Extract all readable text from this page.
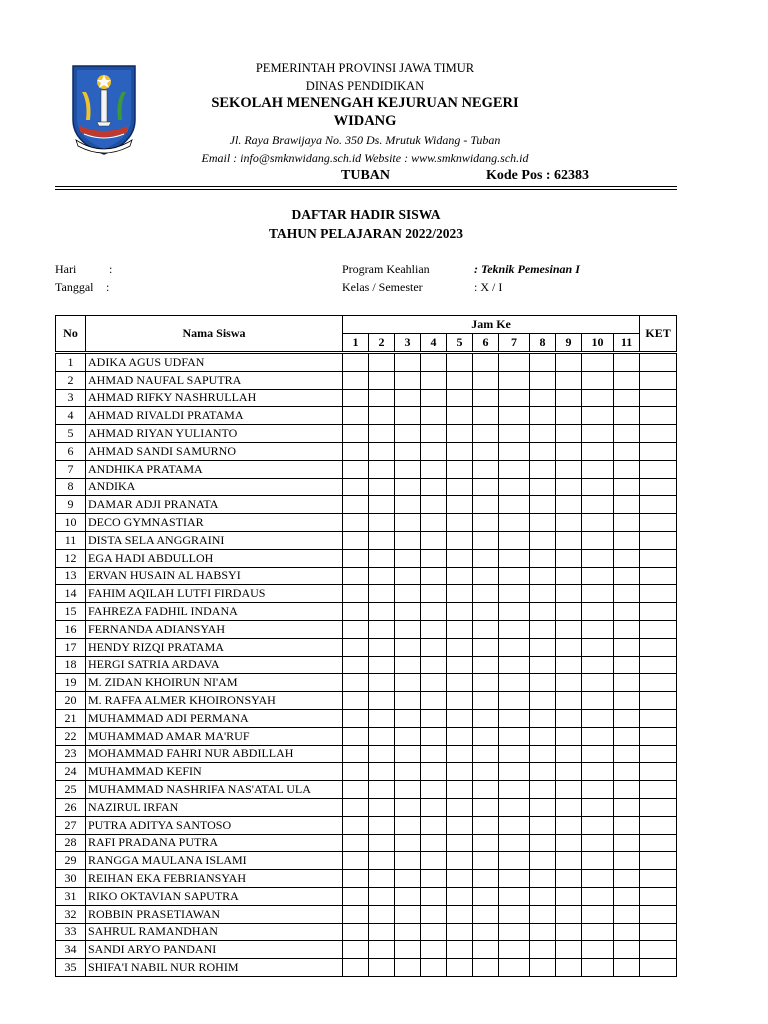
PEMERINTAH PROVINSI JAWA TIMUR
DINAS PENDIDIKAN
SEKOLAH MENENGAH KEJURUAN NEGERI
WIDANG
Jl. Raya Brawijaya No. 350 Ds. Mrutuk Widang - Tuban
Email : info@smknwidang.sch.id Website : www.smknwidang.sch.id
TUBAN	Kode Pos : 62383
DAFTAR HADIR SISWA
TAHUN PELAJARAN 2022/2023
Hari	:
Tanggal :
Program Keahlian	: Teknik Pemesinan I
Kelas / Semester	: X / I
No	Nama Siswa	Jam Ke											KET
		1	2	3	4	5	6	7	8	9	10	11	
1	ADIKA AGUS UDFAN												
2	AHMAD NAUFAL SAPUTRA												
3	AHMAD RIFKY NASHRULLAH												
4	AHMAD RIVALDI PRATAMA												
5	AHMAD RIYAN YULIANTO												
6	AHMAD SANDI SAMURNO												
7	ANDHIKA PRATAMA												
8	ANDIKA												
9	DAMAR ADJI PRANATA												
10	DECO GYMNASTIAR												
11	DISTA SELA ANGGRAINI												
12	EGA HADI ABDULLOH												
13	ERVAN HUSAIN AL HABSYI												
14	FAHIM AQILAH LUTFI FIRDAUS												
15	FAHREZA FADHIL INDANA												
16	FERNANDA ADIANSYAH												
17	HENDY RIZQI PRATAMA												
18	HERGI SATRIA ARDAVA												
19	M. ZIDAN KHOIRUN NI'AM												
20	M. RAFFA ALMER KHOIRONSYAH												
21	MUHAMMAD ADI PERMANA												
22	MUHAMMAD AMAR MA'RUF												
23	MOHAMMAD FAHRI NUR ABDILLAH												
24	MUHAMMAD KEFIN												
25	MUHAMMAD NASHRIFA NAS'ATAL ULA												
26	NAZIRUL IRFAN												
27	PUTRA ADITYA SANTOSO												
28	RAFI PRADANA PUTRA												
29	RANGGA MAULANA ISLAMI												
30	REIHAN EKA FEBRIANSYAH												
31	RIKO OKTAVIAN SAPUTRA												
32	ROBBIN PRASETIAWAN												
33	SAHRUL RAMANDHAN												
34	SANDI ARYO PANDANI												
35	SHIFA'I NABIL NUR ROHIM												
